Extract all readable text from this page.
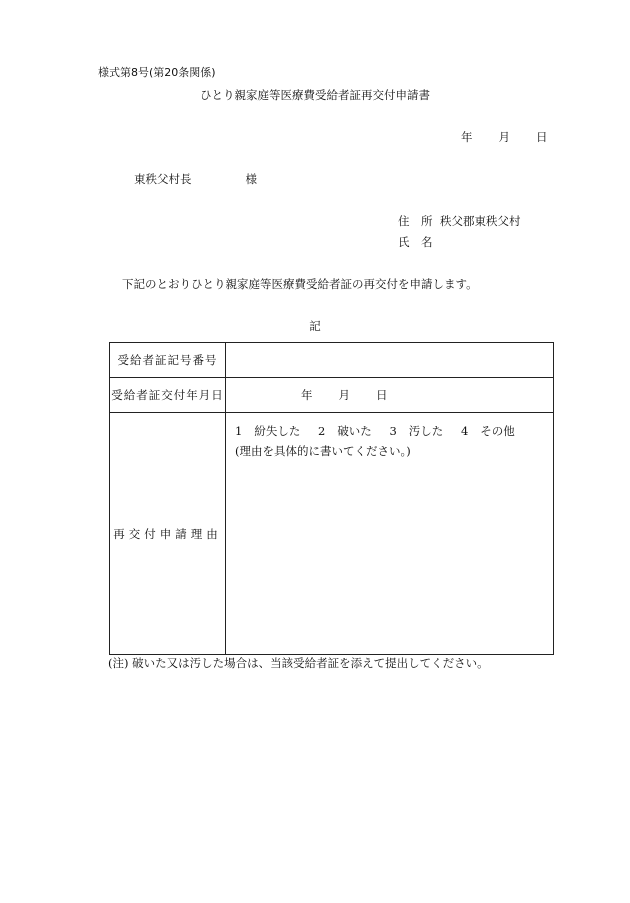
様式第8号(第20条関係)
ひとり親家庭等医療費受給者証再交付申請書
年 月 日
東秩父村長	様
住　所 秩父郡東秩父村
氏　名
下記のとおりひとり親家庭等医療費受給者証の再交付を申請します。
記
受給者証記号番号	
受給者証交付年月日	年 月 日
再交付申請理由	1 紛失した 2 破いた 3 汚した 4 その他
(理由を具体的に書いてください。)
(注) 破いた又は汚した場合は、当該受給者証を添えて提出してください。
